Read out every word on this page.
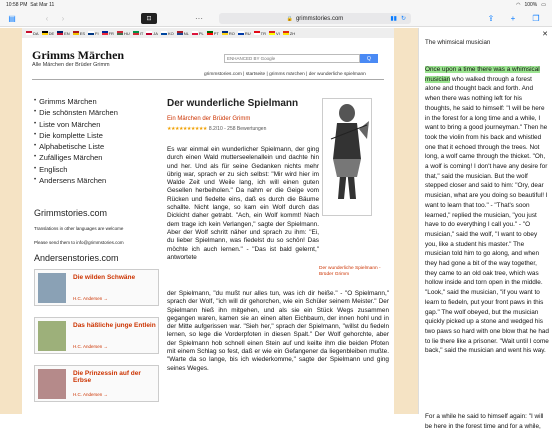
10:58 PM
Sat Mar 11	◠ 100% ▭
▤	‹	›	⊡	···	🔒 grimmstories.com	▮▮ ↻	⇪	+	❐
DA	DE	EN	ES	FI	FR	HU	IT	JA	KO	NL	PL	PT	RO	RU	TR	VI	ZH
Grimms Märchen
Alle Märchen der Brüder Grimm
ENHANCED BY Google
Q
grimmstories.com | startseite | grimms märchen | der wunderliche spielmann
• Grimms Märchen
• Die schönsten Märchen
• Liste von Märchen
• Die komplette Liste
• Alphabetische Liste
• Zufälliges Märchen
• Englisch
• Andersens Märchen
Grimmstories.com
Translations in other languages are welcome
Please send them to info@grimmstories.com
Andersenstories.com
Die wilden Schwäne
H.C. Andersen →
Das häßliche junge Entlein
H.C. Andersen →
Die Prinzessin auf der Erbse
H.C. Andersen →
Der wunderliche Spielmann
Ein Märchen der Brüder Grimm
★★★★★★★★★★ 8.2/10 - 258 Bewertungen
Der wunderliche Spielmann - Brüder Grimm
Es war einmal ein wunderlicher Spielmann, der ging durch einen Wald mutterseelenallein und dachte hin und her. Und als für seine Gedanken nichts mehr übrig war, sprach er zu sich selbst: "Mir wird hier im Walde Zeit und Weile lang, ich will einen guten Gesellen herbeiholen." Da nahm er die Geige vom Rücken und fiedelte eins, daß es durch die Bäume schallte. Nicht lange, so kam ein Wolf durch das Dickicht daher getrabt. "Ach, ein Wolf kommt! Nach dem trage ich kein Verlangen," sagte der Spielmann. Aber der Wolf schritt näher und sprach zu ihm: "Ei, du lieber Spielmann, was fiedelst du so schön! Das möchte ich auch lernen." - "Das ist bald gelernt," antwortete
der Spielmann, "du mußt nur alles tun, was ich dir heiße." - "O Spielmann," sprach der Wolf, "ich will dir gehorchen, wie ein Schüler seinem Meister." Der Spielmann hieß ihn mitgehen, und als sie ein Stück Wegs zusammen gegangen waren, kamen sie an einen alten Eichbaum, der innen hohl und in der Mitte aufgerissen war. "Sieh her," sprach der Spielmann, "willst du fiedeln lernen, so lege die Vorderpfoten in diesen Spalt." Der Wolf gehorchte, aber der Spielmann hob schnell einen Stein auf und keilte ihm die beiden Pfoten mit einem Schlag so fest, daß er wie ein Gefangener da liegenbleiben mußte. "Warte da so lange, bis ich wiederkomme," sagte der Spielmann und ging seines Weges.
✕
The whimsical musician
Once upon a time there was a whimsical musician who walked through a forest alone and thought back and forth. And when there was nothing left for his thoughts, he said to himself: "I will be here in the forest for a long time and a while, I want to bring a good journeyman." Then he took the violin from his back and whistled one that it echoed through the trees. Not long, a wolf came through the thicket. "Oh, a wolf is coming! I don't have any desire for that," said the musician. But the wolf stepped closer and said to him: "Ory, dear musician, what are you doing so beautiful! I want to learn that too." - "That's soon learned," replied the musician, "you just have to do everything I call you." - "O musician," said the wolf, "I want to obey you, like a student his master." The musician told him to go along, and when they had gone a bit of the way together, they came to an old oak tree, which was hollow inside and torn open in the middle. "Look," said the musician, "if you want to learn to fiedeln, put your front paws in this gap." The wolf obeyed, but the musician quickly picked up a stone and wedged his two paws so hard with one blow that he had to lie there like a prisoner. "Wait until I come back," said the musician and went his way.
For a while he said to himself again: "I will be here in the forest time and for a while,
